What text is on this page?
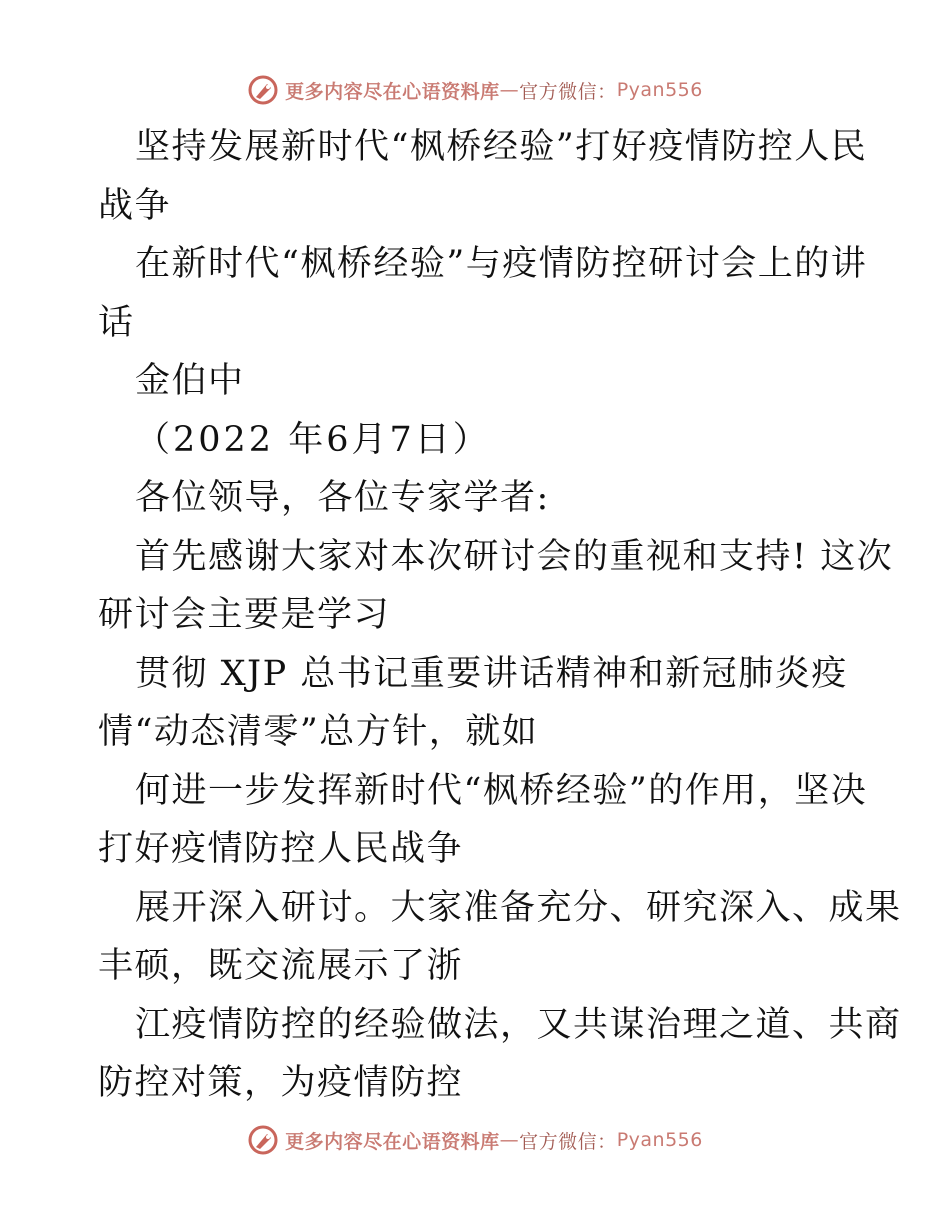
更多内容尽在心语资料库 — 官方微信： Pyan556
坚持发展新时代“枫桥经验”打好疫情防控人民
战争
在新时代“枫桥经验”与疫情防控研讨会上的讲
话
金伯中
（2022 年6月7日）
各位领导，各位专家学者:
首先感谢大家对本次研讨会的重视和支持! 这次
研讨会主要是学习
贯彻 XJP 总书记重要讲话精神和新冠肺炎疫
情“动态清零”总方针，就如
何进一步发挥新时代“枫桥经验”的作用，坚决
打好疫情防控人民战争
展开深入研讨。大家准备充分、研究深入、成果
丰硕，既交流展示了浙
江疫情防控的经验做法，又共谋治理之道、共商
防控对策，为疫情防控
更多内容尽在心语资料库 — 官方微信： Pyan556
